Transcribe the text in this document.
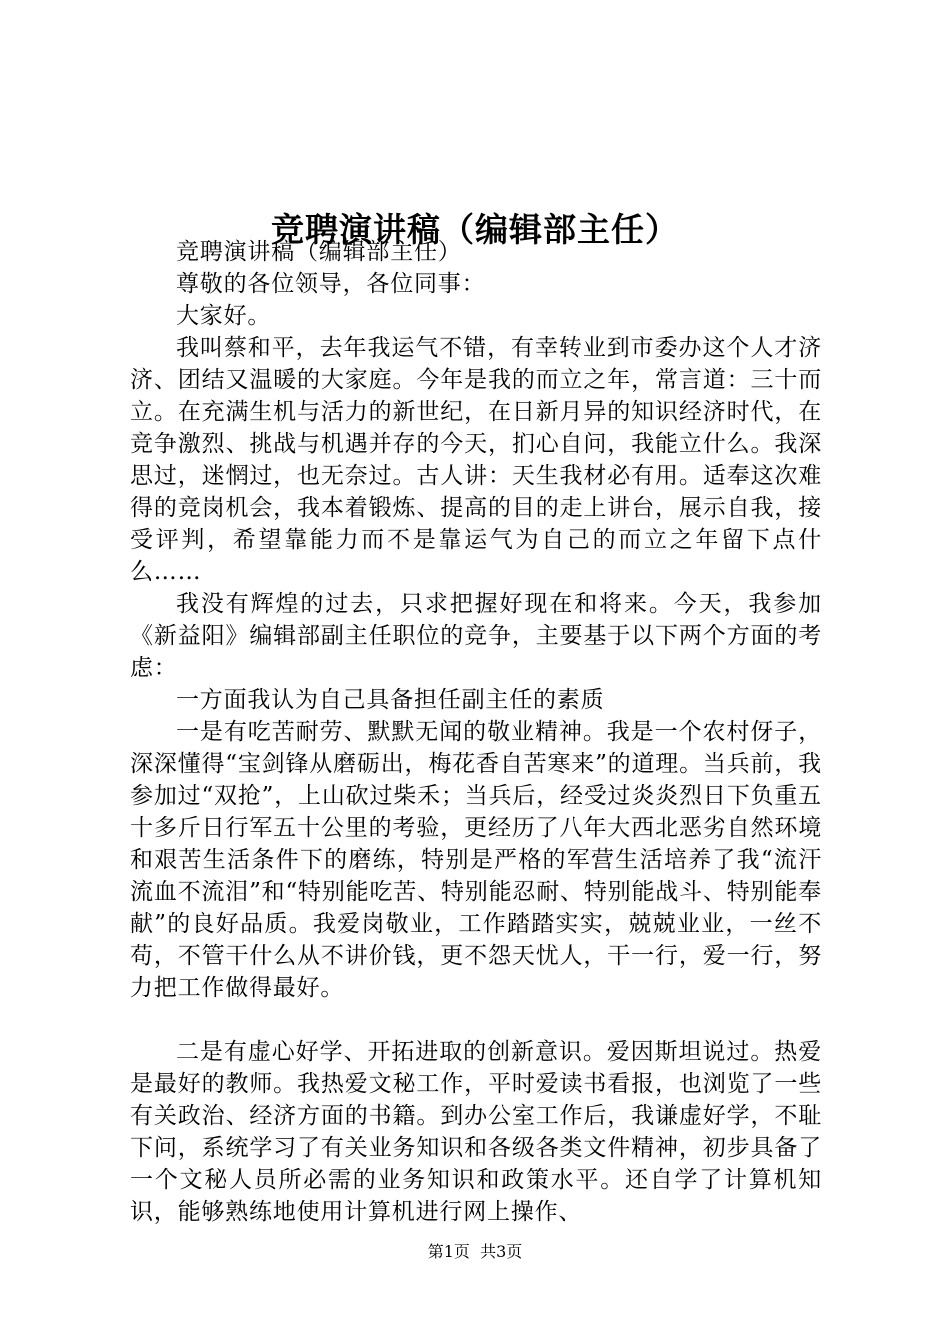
竞聘演讲稿（编辑部主任）

竞聘演讲稿（编辑部主任）

尊敬的各位领导，各位同事：

大家好。

我叫蔡和平，去年我运气不错，有幸转业到市委办这个人才济济、团结又温暖的大家庭。今年是我的而立之年，常言道：三十而立。在充满生机与活力的新世纪，在日新月异的知识经济时代，在竞争激烈、挑战与机遇并存的今天，扪心自问，我能立什么。我深思过，迷惘过，也无奈过。古人讲：天生我材必有用。适奉这次难得的竞岗机会，我本着锻炼、提高的目的走上讲台，展示自我，接受评判，希望靠能力而不是靠运气为自己的而立之年留下点什么……

我没有辉煌的过去，只求把握好现在和将来。今天，我参加《新益阳》编辑部副主任职位的竞争，主要基于以下两个方面的考虑：

一方面我认为自己具备担任副主任的素质

一是有吃苦耐劳、默默无闻的敬业精神。我是一个农村伢子，深深懂得“宝剑锋从磨砺出，梅花香自苦寒来”的道理。当兵前，我参加过“双抢”，上山砍过柴禾；当兵后，经受过炎炎烈日下负重五十多斤日行军五十公里的考验，更经历了八年大西北恶劣自然环境和艰苦生活条件下的磨练，特别是严格的军营生活培养了我“流汗流血不流泪”和“特别能吃苦、特别能忍耐、特别能战斗、特别能奉献”的良好品质。我爱岗敬业，工作踏踏实实，兢兢业业，一丝不苟，不管干什么从不讲价钱，更不怨天忧人，干一行，爱一行，努力把工作做得最好。

二是有虚心好学、开拓进取的创新意识。爱因斯坦说过。热爱是最好的教师。我热爱文秘工作，平时爱读书看报，也浏览了一些有关政治、经济方面的书籍。到办公室工作后，我谦虚好学，不耻下问，系统学习了有关业务知识和各级各类文件精神，初步具备了一个文秘人员所必需的业务知识和政策水平。还自学了计算机知识，能够熟练地使用计算机进行网上操作、

第1页 共3页
